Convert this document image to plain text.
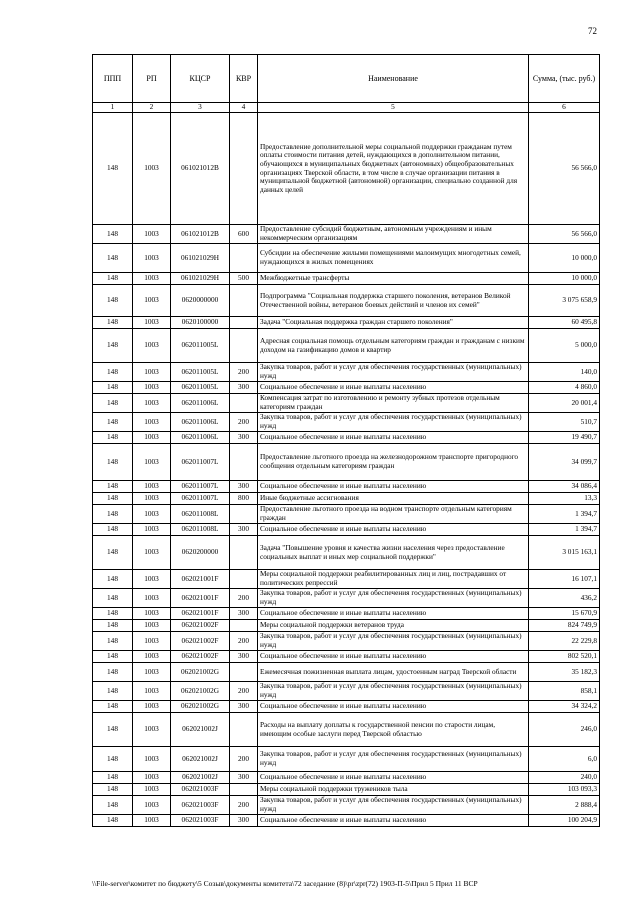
72
ППП	РП	КЦСР	КВР	Наименование	Сумма, (тыс. руб.)
1	2	3	4	5	6
148	1003	061021012В		Предоставление дополнительной меры социальной поддержки гражданам путем оплаты стоимости питания детей, нуждающихся в дополнительном питании, обучающихся в муниципальных бюджетных (автономных) общеобразовательных организациях Тверской области, в том числе в случае организации питания в муниципальной бюджетной (автономной) организации, специально созданной для данных целей	56 566,0
148	1003	061021012В	600	Предоставление субсидий бюджетным, автономным учреждениям и иным некоммерческим организациям	56 566,0
148	1003	061021029Н		Субсидии на обеспечение жилыми помещениями малоимущих многодетных семей, нуждающихся в жилых помещениях	10 000,0
148	1003	061021029Н	500	Межбюджетные трансферты	10 000,0
148	1003	0620000000		Подпрограмма "Социальная поддержка старшего поколения, ветеранов Великой Отечественной войны, ветеранов боевых действий и членов их семей"	3 075 658,9
148	1003	0620100000		Задача "Социальная поддержка граждан старшего поколения"	60 495,8
148	1003	062011005L		Адресная социальная помощь отдельным категориям граждан и гражданам с низким доходом на газификацию домов и квартир	5 000,0
148	1003	062011005L	200	Закупка товаров, работ и услуг для обеспечения государственных (муниципальных) нужд	140,0
148	1003	062011005L	300	Социальное обеспечение и иные выплаты населению	4 860,0
148	1003	062011006L		Компенсация затрат по изготовлению и ремонту зубных протезов отдельным категориям граждан	20 001,4
148	1003	062011006L	200	Закупка товаров, работ и услуг для обеспечения государственных (муниципальных) нужд	510,7
148	1003	062011006L	300	Социальное обеспечение и иные выплаты населению	19 490,7
148	1003	062011007L		Предоставление льготного проезда на железнодорожном транспорте пригородного сообщения отдельным категориям граждан	34 099,7
148	1003	062011007L	300	Социальное обеспечение и иные выплаты населению	34 086,4
148	1003	062011007L	800	Иные бюджетные ассигнования	13,3
148	1003	062011008L		Предоставление льготного проезда на водном транспорте отдельным категориям граждан	1 394,7
148	1003	062011008L	300	Социальное обеспечение и иные выплаты населению	1 394,7
148	1003	0620200000		Задача "Повышение уровня и качества жизни населения через предоставление социальных выплат и иных мер социальной поддержки"	3 015 163,1
148	1003	062021001F		Меры социальной поддержки реабилитированных лиц и лиц, пострадавших от политических репрессий	16 107,1
148	1003	062021001F	200	Закупка товаров, работ и услуг для обеспечения государственных (муниципальных) нужд	436,2
148	1003	062021001F	300	Социальное обеспечение и иные выплаты населению	15 670,9
148	1003	062021002F		Меры социальной поддержки ветеранов труда	824 749,9
148	1003	062021002F	200	Закупка товаров, работ и услуг для обеспечения государственных (муниципальных) нужд	22 229,8
148	1003	062021002F	300	Социальное обеспечение и иные выплаты населению	802 520,1
148	1003	062021002G		Ежемесячная пожизненная выплата лицам, удостоенным наград Тверской области	35 182,3
148	1003	062021002G	200	Закупка товаров, работ и услуг для обеспечения государственных (муниципальных) нужд	858,1
148	1003	062021002G	300	Социальное обеспечение и иные выплаты населению	34 324,2
148	1003	062021002J		Расходы на выплату доплаты к государственной пенсии по старости лицам, имеющим особые заслуги перед Тверской областью	246,0
148	1003	062021002J	200	Закупка товаров, работ и услуг для обеспечения государственных (муниципальных) нужд	6,0
148	1003	062021002J	300	Социальное обеспечение и иные выплаты населению	240,0
148	1003	062021003F		Меры социальной поддержки тружеников тыла	103 093,3
148	1003	062021003F	200	Закупка товаров, работ и услуг для обеспечения государственных (муниципальных) нужд	2 888,4
148	1003	062021003F	300	Социальное обеспечение и иные выплаты населению	100 204,9
\\File-server\комитет по бюджету\5 Созыв\документы комитета\72 заседание (8)\pr\zpr(72) 1903-П-5\Прил 5 Прил 11 ВСР
